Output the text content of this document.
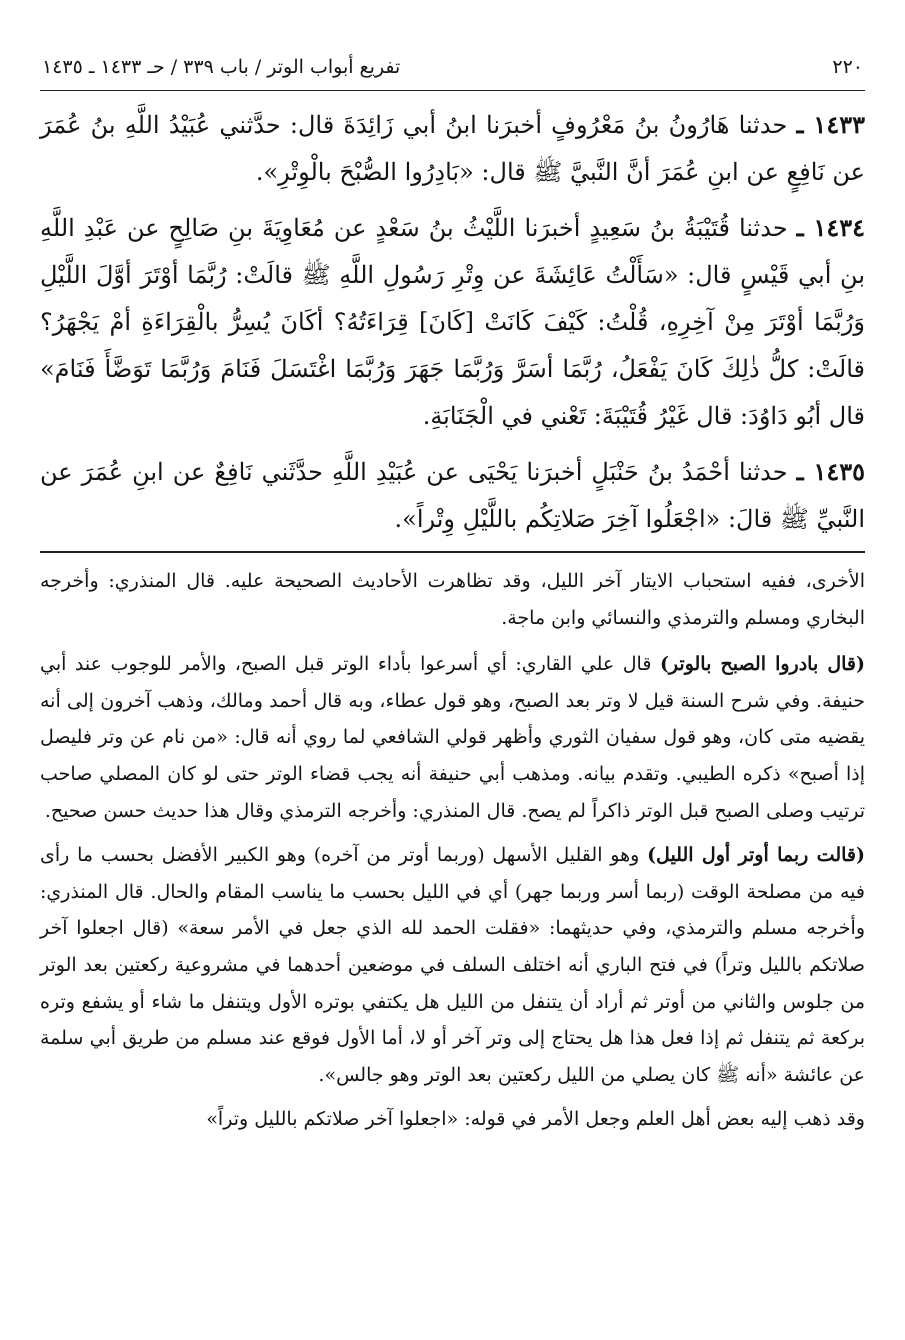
تفريع أبواب الوتر / باب ٣٣٩ / حـ ١٤٣٣ ـ ١٤٣٥	٢٢٠

١٤٣٣ ـ حدثنا هَارُونُ بنُ مَعْرُوفٍ أخبرَنا ابنُ أبي زَائِدَةَ قال: حدَّثني عُبَيْدُ اللَّهِ بنُ عُمَرَ عن نَافِعٍ عن ابنِ عُمَرَ أنَّ النَّبيَّ ﷺ قال: «بَادِرُوا الصُّبْحَ بالْوِتْرِ».

١٤٣٤ ـ حدثنا قُتَيْبَةُ بنُ سَعِيدٍ أخبرَنا اللَّيْثُ بنُ سَعْدٍ عن مُعَاوِيَةَ بنِ صَالِحٍ عن عَبْدِ اللَّهِ بنِ أبي قَيْسٍ قال: «سَأَلْتُ عَائِشَةَ عن وِتْرِ رَسُولِ اللَّهِ ﷺ قالَتْ: رُبَّمَا أوْتَرَ أوَّلَ اللَّيْلِ وَرُبَّمَا أوْتَرَ مِنْ آخِرِهِ، قُلْتُ: كَيْفَ كَانَتْ [كَانَ] قِرَاءَتُهُ؟ أكَانَ يُسِرُّ بالْقِرَاءَةِ أمْ يَجْهَرُ؟ قالَتْ: كلُّ ذٰلِكَ كَانَ يَفْعَلُ، رُبَّمَا أسَرَّ وَرُبَّمَا جَهَرَ وَرُبَّمَا اغْتَسَلَ فَنَامَ وَرُبَّمَا تَوَضَّأَ فَنَامَ» قال أبُو دَاوُدَ: قال غَيْرُ قُتَيْبَةَ: تَعْني في الْجَنَابَةِ.

١٤٣٥ ـ حدثنا أحْمَدُ بنُ حَنْبَلٍ أخبرَنا يَحْيَى عن عُبَيْدِ اللَّهِ حدَّثَني نَافِعٌ عن ابنِ عُمَرَ عن النَّبيِّ ﷺ قالَ: «اجْعَلُوا آخِرَ صَلاتِكُم باللَّيْلِ وِتْراً».

الأخرى، ففيه استحباب الايتار آخر الليل، وقد تظاهرت الأحاديث الصحيحة عليه. قال المنذري: وأخرجه البخاري ومسلم والترمذي والنسائي وابن ماجة.

(قال بادروا الصبح بالوتر) قال علي القاري: أي أسرعوا بأداء الوتر قبل الصبح، والأمر للوجوب عند أبي حنيفة. وفي شرح السنة قيل لا وتر بعد الصبح، وهو قول عطاء، وبه قال أحمد ومالك، وذهب آخرون إلى أنه يقضيه متى كان، وهو قول سفيان الثوري وأظهر قولي الشافعي لما روي أنه قال: «من نام عن وتر فليصل إذا أصبح» ذكره الطيبي. وتقدم بيانه. ومذهب أبي حنيفة أنه يجب قضاء الوتر حتى لو كان المصلي صاحب ترتيب وصلى الصبح قبل الوتر ذاكراً لم يصح. قال المنذري: وأخرجه الترمذي وقال هذا حديث حسن صحيح.

(قالت ربما أوتر أول الليل) وهو القليل الأسهل (وربما أوتر من آخره) وهو الكبير الأفضل بحسب ما رأى فيه من مصلحة الوقت (ربما أسر وربما جهر) أي في الليل بحسب ما يناسب المقام والحال. قال المنذري: وأخرجه مسلم والترمذي، وفي حديثهما: «فقلت الحمد لله الذي جعل في الأمر سعة» (قال اجعلوا آخر صلاتكم بالليل وتراً) في فتح الباري أنه اختلف السلف في موضعين أحدهما في مشروعية ركعتين بعد الوتر من جلوس والثاني من أوتر ثم أراد أن يتنفل من الليل هل يكتفي بوتره الأول ويتنفل ما شاء أو يشفع وتره بركعة ثم يتنفل ثم إذا فعل هذا هل يحتاج إلى وتر آخر أو لا، أما الأول فوقع عند مسلم من طريق أبي سلمة عن عائشة «أنه ﷺ كان يصلي من الليل ركعتين بعد الوتر وهو جالس».

وقد ذهب إليه بعض أهل العلم وجعل الأمر في قوله: «اجعلوا آخر صلاتكم بالليل وتراً»
